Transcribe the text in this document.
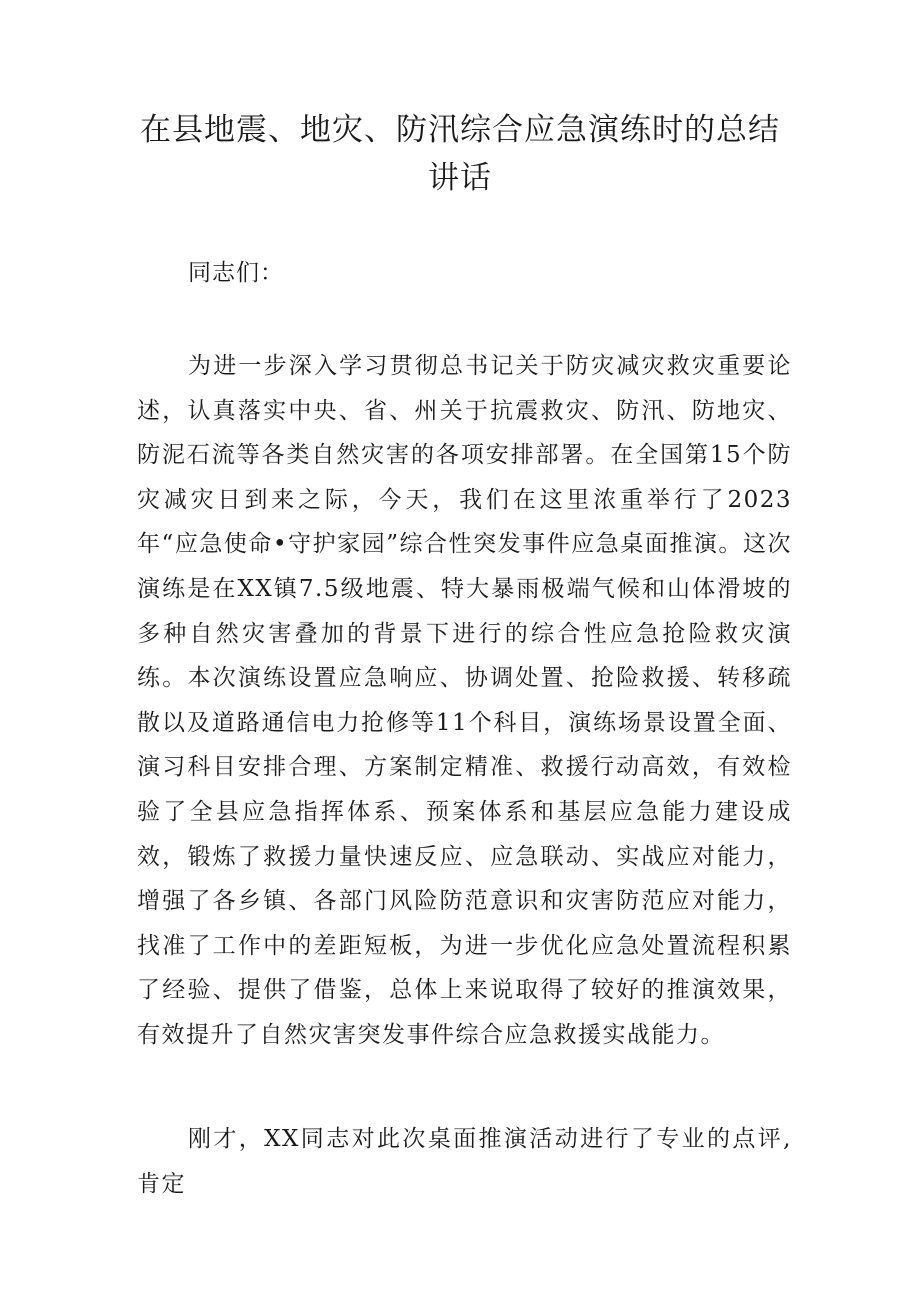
在县地震、地灾、防汛综合应急演练时的总结讲话

同志们：

为进一步深入学习贯彻总书记关于防灾减灾救灾重要论述，认真落实中央、省、州关于抗震救灾、防汛、防地灾、防泥石流等各类自然灾害的各项安排部署。在全国第15个防灾减灾日到来之际，今天，我们在这里浓重举行了2023年“应急使命•守护家园”综合性突发事件应急桌面推演。这次演练是在XX镇7.5级地震、特大暴雨极端气候和山体滑坡的多种自然灾害叠加的背景下进行的综合性应急抢险救灾演练。本次演练设置应急响应、协调处置、抢险救援、转移疏散以及道路通信电力抢修等11个科目，演练场景设置全面、演习科目安排合理、方案制定精准、救援行动高效，有效检验了全县应急指挥体系、预案体系和基层应急能力建设成效，锻炼了救援力量快速反应、应急联动、实战应对能力，增强了各乡镇、各部门风险防范意识和灾害防范应对能力，找准了工作中的差距短板，为进一步优化应急处置流程积累了经验、提供了借鉴，总体上来说取得了较好的推演效果，有效提升了自然灾害突发事件综合应急救援实战能力。

刚才，XX同志对此次桌面推演活动进行了专业的点评,肯定
